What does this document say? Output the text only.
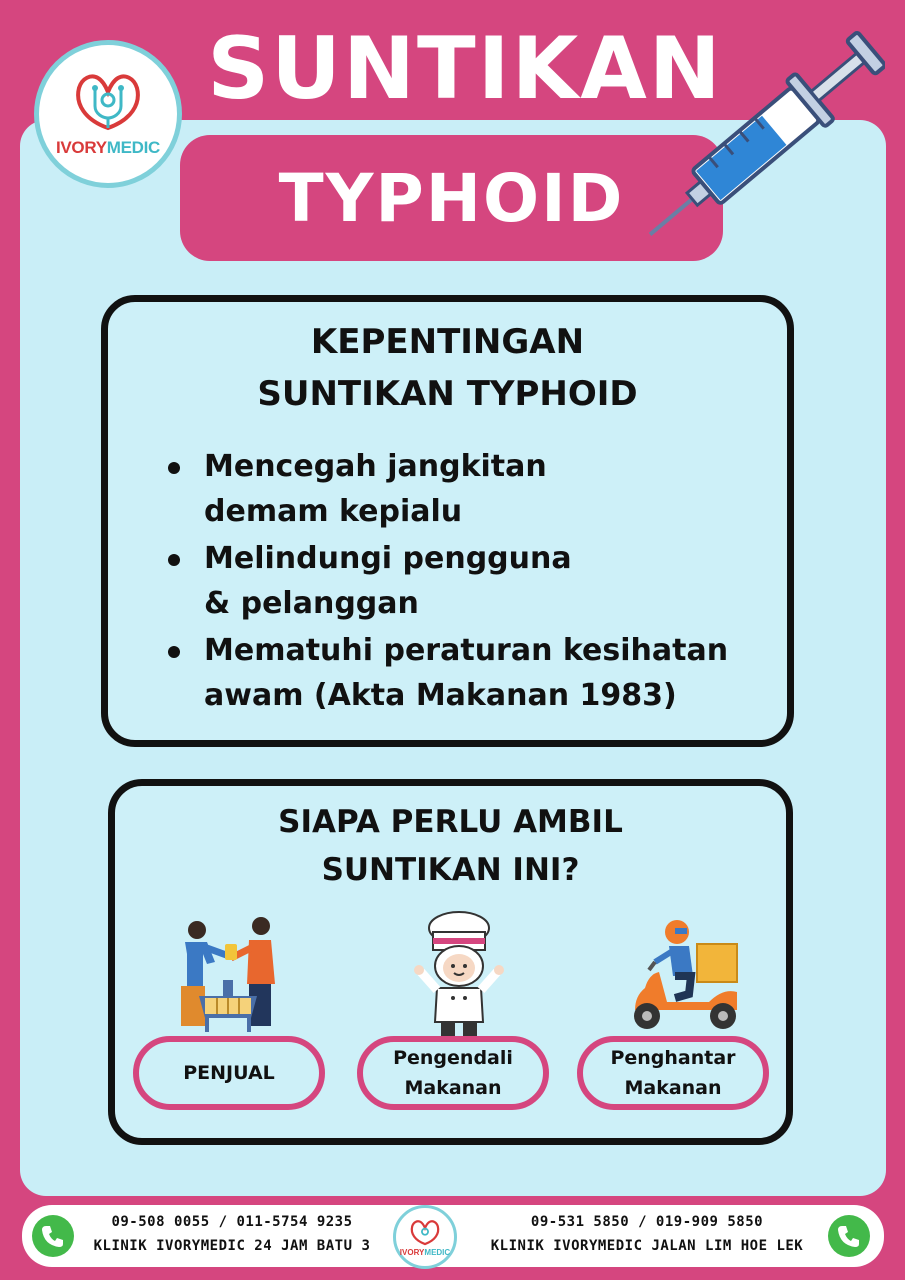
IVORYMEDIC
SUNTIKAN
TYPHOID
KEPENTINGAN
SUNTIKAN TYPHOID
Mencegah jangkitan
demam kepialu
Melindungi pengguna
& pelanggan
Mematuhi peraturan kesihatan
awam (Akta Makanan 1983)
SIAPA PERLU AMBIL
SUNTIKAN INI?
PENJUAL
Pengendali
Makanan
Penghantar
Makanan
09-508 0055 / 011-5754 9235
KLINIK IVORYMEDIC 24 JAM BATU 3
09-531 5850 / 019-909 5850
KLINIK IVORYMEDIC JALAN LIM HOE LEK
IVORYMEDIC
